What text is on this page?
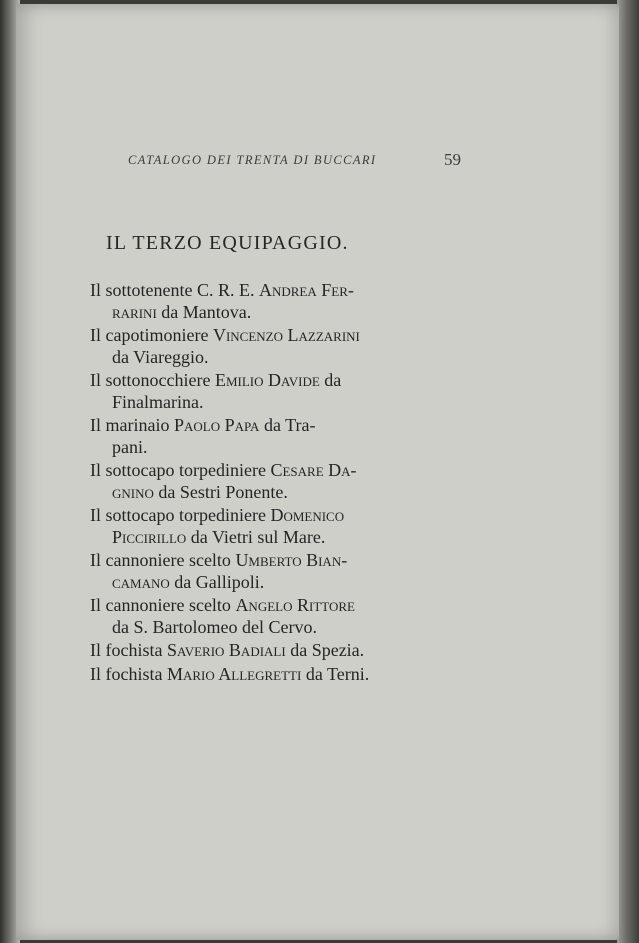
CATALOGO DEI TRENTA DI BUCCARI	59
IL TERZO EQUIPAGGIO.
Il sottotenente C. R. E. Andrea Fer-
rarini da Mantova.
Il capotimoniere Vincenzo Lazzarini
da Viareggio.
Il sottonocchiere Emilio Davide da
Finalmarina.
Il marinaio Paolo Papa da Tra-
pani.
Il sottocapo torpediniere Cesare Da-
gnino da Sestri Ponente.
Il sottocapo torpediniere Domenico
Piccirillo da Vietri sul Mare.
Il cannoniere scelto Umberto Bian-
camano da Gallipoli.
Il cannoniere scelto Angelo Rittore
da S. Bartolomeo del Cervo.
Il fochista Saverio Badiali da Spezia.
Il fochista Mario Allegretti da Terni.
